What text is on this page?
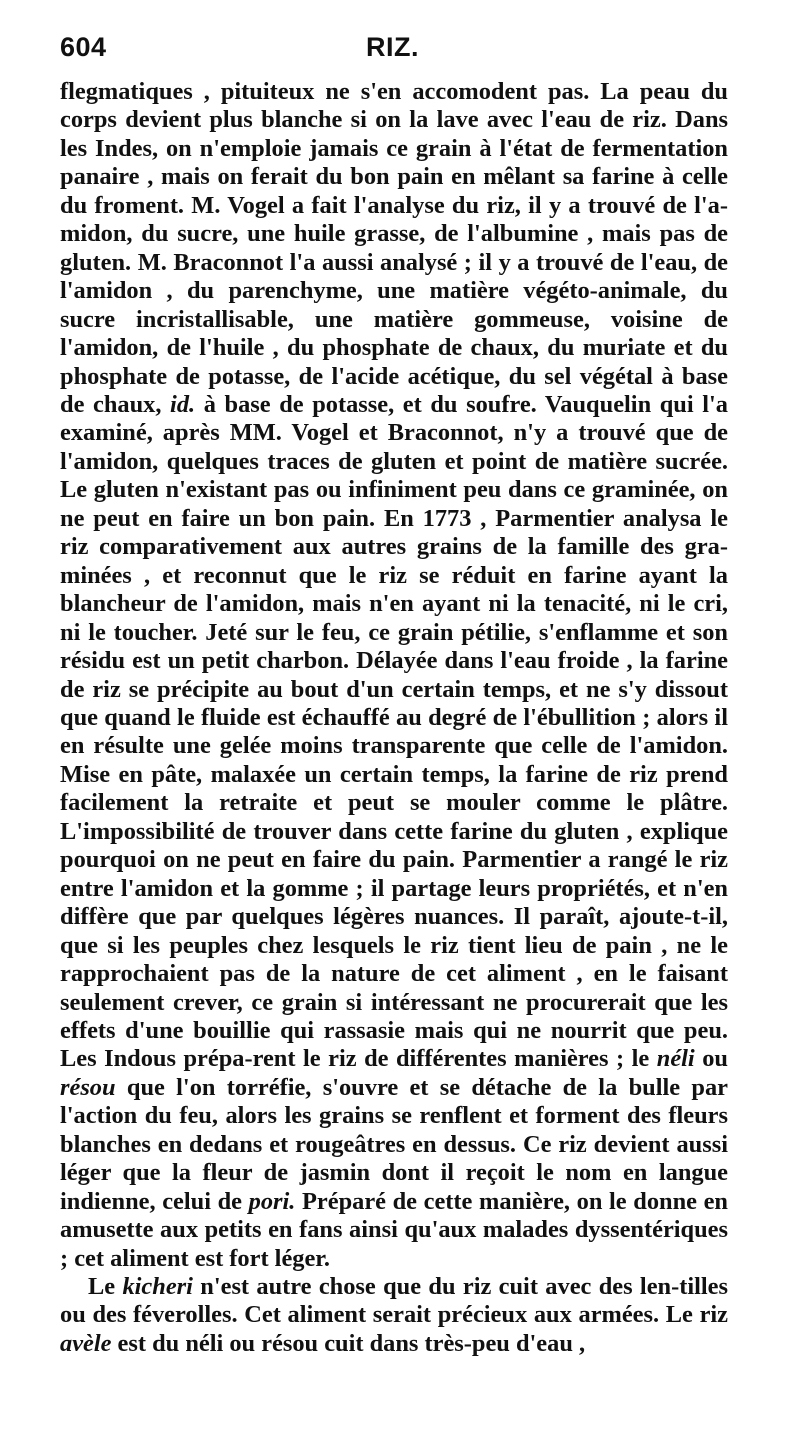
604	RIZ.

flegmatiques , pituiteux ne s'en accomodent pas. La peau du corps devient plus blanche si on la lave avec l'eau de riz. Dans les Indes, on n'emploie jamais ce grain à l'état de fermentation panaire , mais on ferait du bon pain en mêlant sa farine à celle du froment. M. Vogel a fait l'analyse du riz, il y a trouvé de l'a-midon, du sucre, une huile grasse, de l'albumine , mais pas de gluten. M. Braconnot l'a aussi analysé ; il y a trouvé de l'eau, de l'amidon , du parenchyme, une matière végéto-animale, du sucre incristallisable, une matière gommeuse, voisine de l'amidon, de l'huile , du phosphate de chaux, du muriate et du phosphate de potasse, de l'acide acétique, du sel végétal à base de chaux, id. à base de potasse, et du soufre. Vauquelin qui l'a examiné, après MM. Vogel et Braconnot, n'y a trouvé que de l'amidon, quelques traces de gluten et point de matière sucrée. Le gluten n'existant pas ou infiniment peu dans ce graminée, on ne peut en faire un bon pain. En 1773 , Parmentier analysa le riz comparativement aux autres grains de la famille des gra-minées , et reconnut que le riz se réduit en farine ayant la blancheur de l'amidon, mais n'en ayant ni la tenacité, ni le cri, ni le toucher. Jeté sur le feu, ce grain pétilie, s'enflamme et son résidu est un petit charbon. Délayée dans l'eau froide , la farine de riz se précipite au bout d'un certain temps, et ne s'y dissout que quand le fluide est échauffé au degré de l'ébullition ; alors il en résulte une gelée moins transparente que celle de l'amidon. Mise en pâte, malaxée un certain temps, la farine de riz prend facilement la retraite et peut se mouler comme le plâtre. L'impossibilité de trouver dans cette farine du gluten , explique pourquoi on ne peut en faire du pain. Parmentier a rangé le riz entre l'amidon et la gomme ; il partage leurs propriétés, et n'en diffère que par quelques légères nuances. Il paraît, ajoute-t-il, que si les peuples chez lesquels le riz tient lieu de pain , ne le rapprochaient pas de la nature de cet aliment , en le faisant seulement crever, ce grain si intéressant ne procurerait que les effets d'une bouillie qui rassasie mais qui ne nourrit que peu. Les Indous prépa-rent le riz de différentes manières ; le néli ou résou que l'on torréfie, s'ouvre et se détache de la bulle par l'action du feu, alors les grains se renflent et forment des fleurs blanches en dedans et rougeâtres en dessus. Ce riz devient aussi léger que la fleur de jasmin dont il reçoit le nom en langue indienne, celui de pori. Préparé de cette manière, on le donne en amusette aux petits en fans ainsi qu'aux malades dyssentériques ; cet aliment est fort léger.

Le kicheri n'est autre chose que du riz cuit avec des len-tilles ou des féverolles. Cet aliment serait précieux aux armées. Le riz avèle est du néli ou résou cuit dans très-peu d'eau ,
